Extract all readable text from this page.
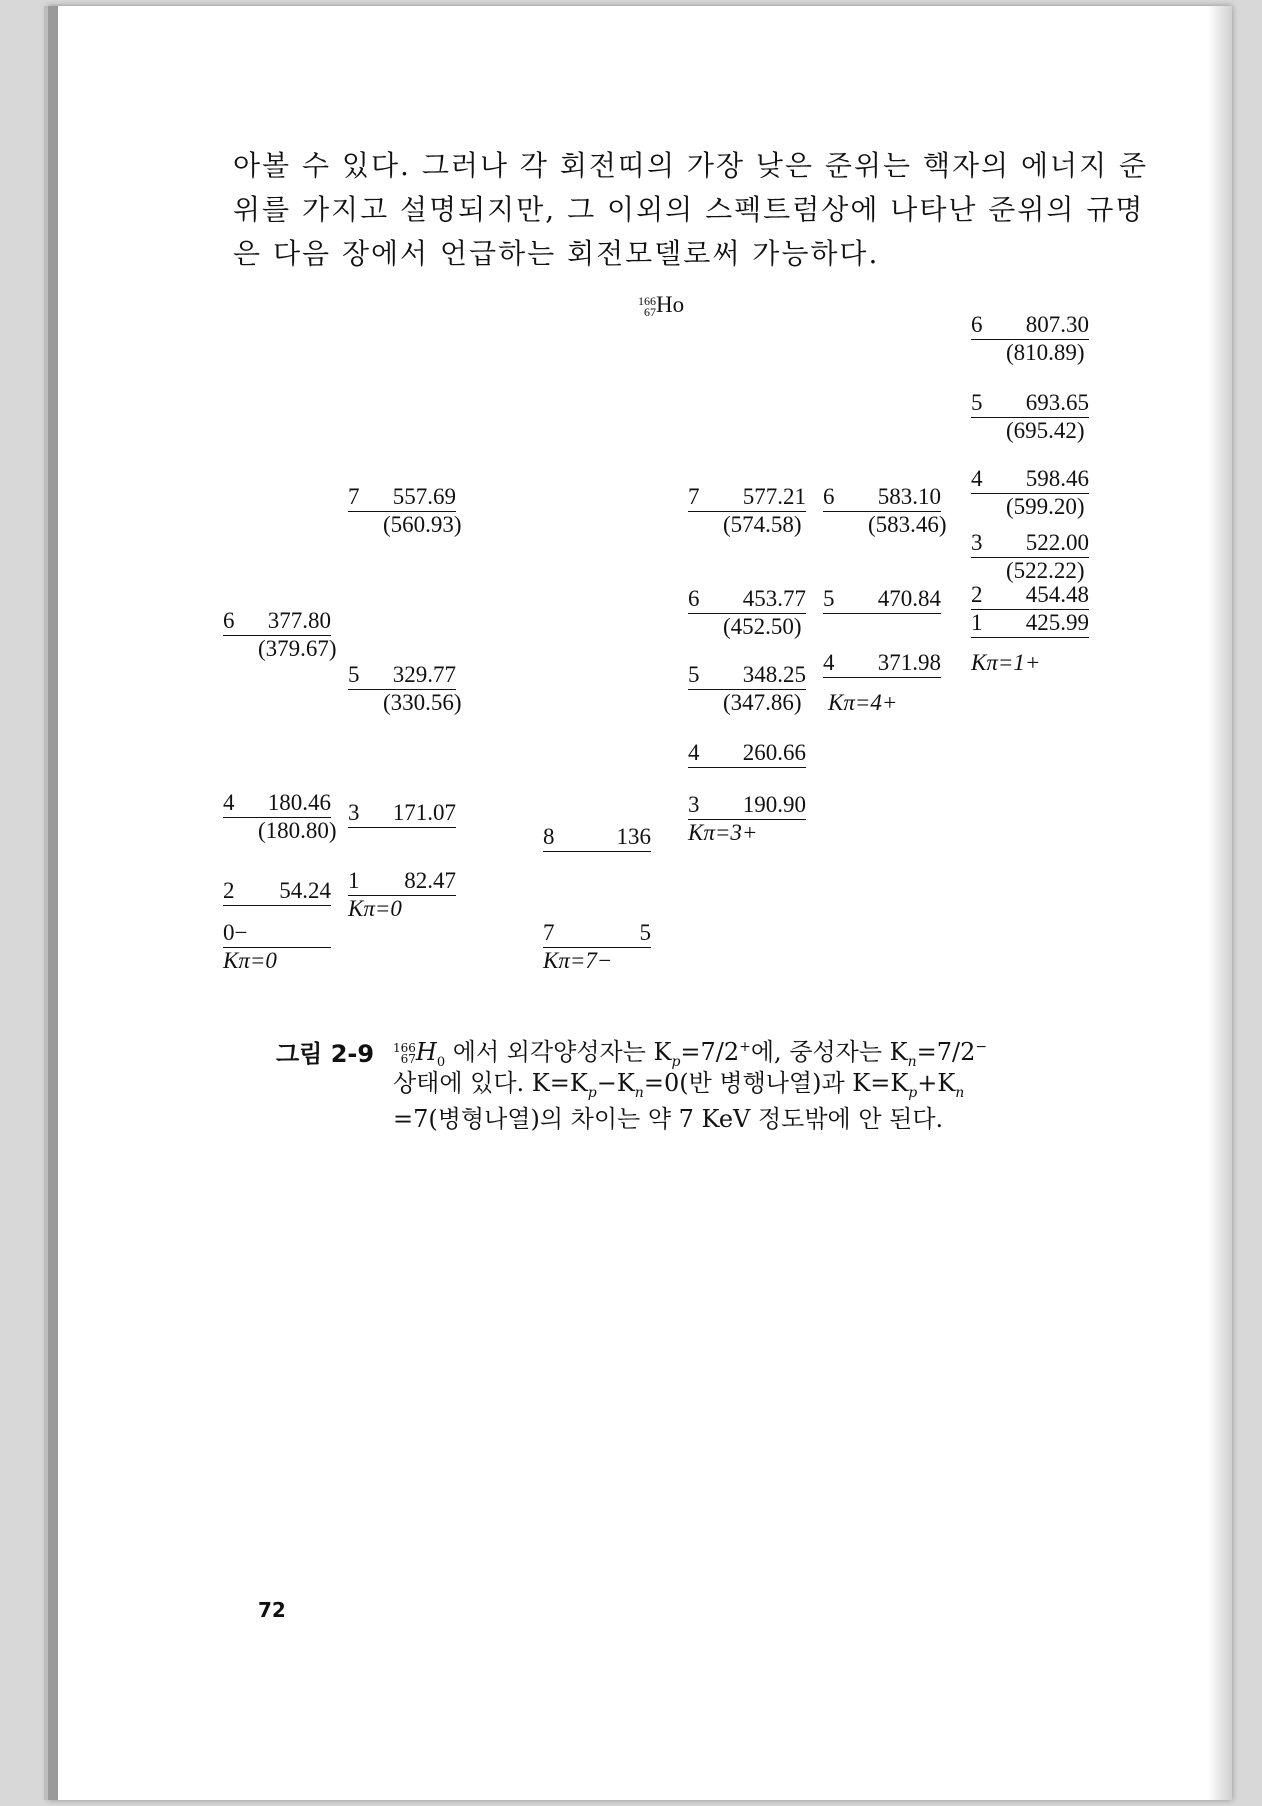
아볼 수 있다. 그러나 각 회전띠의 가장 낮은 준위는 핵자의 에너지 준
위를 가지고 설명되지만, 그 이외의 스펙트럼상에 나타난 준위의 규명
은 다음 장에서 언급하는 회전모델로써 가능하다.
166
67 Ho
6 377.80
(379.67)
4 180.46
(180.80)
2 54.24
0−
Kπ=0
7 557.69
(560.93)
5 329.77
(330.56)
3 171.07
1 82.47
Kπ=0
8	136
7	5
Kπ=7−
7 577.21
(574.58)
6 453.77
(452.50)
5 348.25
(347.86)
4 260.66
3 190.90
Kπ=3+
6 583.10
(583.46)
5 470.84
4 371.98
Kπ=4+
6 807.30
(810.89)
5 693.65
(695.42)
4 598.46
(599.20)
3 522.00
(522.22)
2 454.48
1 425.99
Kπ=1+
그림 2-9 166
67 $H_0$ 에서 외각양성자는 $K_p=7/2^+$에, 중성자는 $K_n=7/2^-$
상태에 있다. $K=K_p-K_n=0$(반 병행나열)과 $K=K_p+K_n$
=7(병형나열)의 차이는 약 7 KeV 정도밖에 안 된다.
72
